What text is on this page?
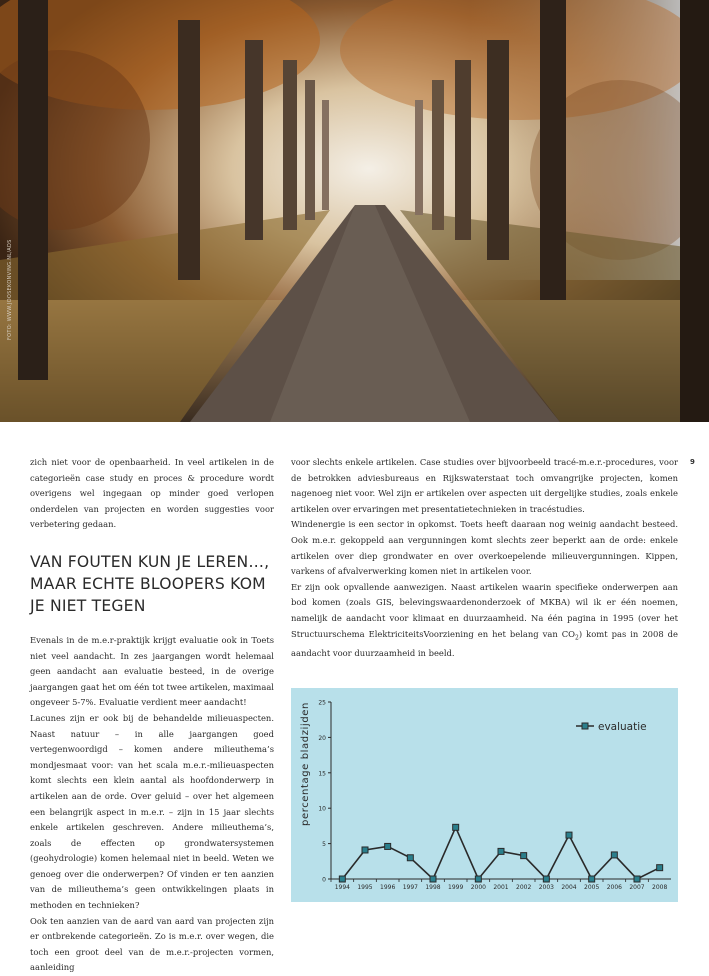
FOTO: WWW.JOOSEKONVING.NL/ADS
9

zich niet voor de openbaarheid. In veel artikelen in de categorieën case study en proces & procedure wordt overigens wel ingegaan op minder goed verlopen onderdelen van projecten en worden suggesties voor verbetering gedaan.

VAN FOUTEN KUN JE LEREN…,
MAAR ECHTE BLOOPERS KOM
JE NIET TEGEN

Evenals in de m.e.r-praktijk krijgt evaluatie ook in Toets niet veel aandacht. In zes jaargangen wordt helemaal geen aandacht aan evaluatie besteed, in de overige jaargangen gaat het om één tot twee artikelen, maximaal ongeveer 5-7%. Evaluatie verdient meer aandacht!

Lacunes zijn er ook bij de behandelde milieuaspecten. Naast natuur – in alle jaargangen goed vertegenwoordigd – komen andere milieuthema’s mondjesmaat voor: van het scala m.e.r.-milieuaspecten komt slechts een klein aantal als hoofdonderwerp in artikelen aan de orde. Over geluid – over het algemeen een belangrijk aspect in m.e.r. – zijn in 15 jaar slechts enkele artikelen geschreven. Andere milieuthema’s, zoals de effecten op grondwatersystemen (geohydrologie) komen helemaal niet in beeld. Weten we genoeg over die onderwerpen? Of vinden er ten aanzien van de milieuthema’s geen ontwikkelingen plaats in methoden en technieken?

Ook ten aanzien van de aard van aard van projecten zijn er ontbrekende categorieën. Zo is m.e.r. over wegen, die toch een groot deel van de m.e.r.-projecten vormen, aanleiding

voor slechts enkele artikelen. Case studies over bijvoorbeeld tracé-m.e.r.-procedures, voor de betrokken adviesbureaus en Rijkswaterstaat toch omvangrijke projecten, komen nagenoeg niet voor. Wel zijn er artikelen over aspecten uit dergelijke studies, zoals enkele artikelen over ervaringen met presentatietechnieken in tracéstudies.

Windenergie is een sector in opkomst. Toets heeft daaraan nog weinig aandacht besteed. Ook m.e.r. gekoppeld aan vergunningen komt slechts zeer beperkt aan de orde: enkele artikelen over diep grondwater en over overkoepelende milieuvergunningen. Kippen, varkens of afvalverwerking komen niet in artikelen voor.

Er zijn ook opvallende aanwezigen. Naast artikelen waarin specifieke onderwerpen aan bod komen (zoals GIS, belevingswaardenonderzoek of MKBA) wil ik er één noemen, namelijk de aandacht voor klimaat en duurzaamheid. Na één pagina in 1995 (over het Structuurschema ElektriciteitsVoorziening en het belang van $CO_2$) komt pas in 2008 de aandacht voor duurzaamheid in beeld.

percentage bladzijden
0
5
10
15
20
25
1994 1995 1996 1997 1998 1999 2000 2001 2002 2003 2004 2005 2006 2007 2008
evaluatie
